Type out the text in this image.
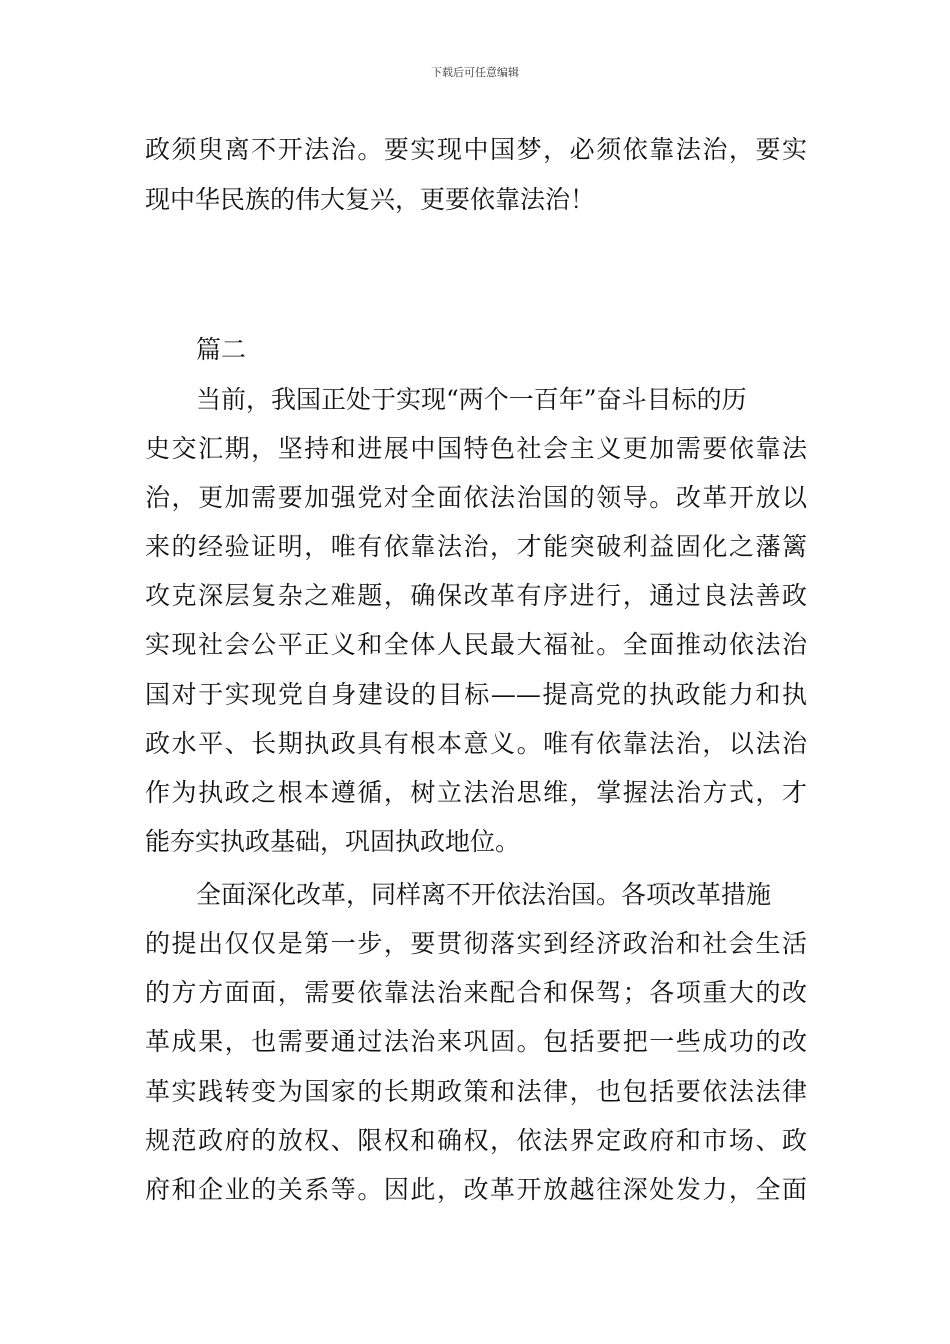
下载后可任意编辑
政须臾离不开法治。要实现中国梦，必须依靠法治，要实
现中华民族的伟大复兴，更要依靠法治！
篇二
当前，我国正处于实现“两个一百年”奋斗目标的历
史交汇期，坚持和进展中国特色社会主义更加需要依靠法
治，更加需要加强党对全面依法治国的领导。改革开放以
来的经验证明，唯有依靠法治，才能突破利益固化之藩篱
攻克深层复杂之难题，确保改革有序进行，通过良法善政
实现社会公平正义和全体人民最大福祉。全面推动依法治
国对于实现党自身建设的目标——提高党的执政能力和执
政水平、长期执政具有根本意义。唯有依靠法治，以法治
作为执政之根本遵循，树立法治思维，掌握法治方式，才
能夯实执政基础，巩固执政地位。
全面深化改革，同样离不开依法治国。各项改革措施
的提出仅仅是第一步，要贯彻落实到经济政治和社会生活
的方方面面，需要依靠法治来配合和保驾；各项重大的改
革成果，也需要通过法治来巩固。包括要把一些成功的改
革实践转变为国家的长期政策和法律，也包括要依法法律
规范政府的放权、限权和确权，依法界定政府和市场、政
府和企业的关系等。因此，改革开放越往深处发力，全面
